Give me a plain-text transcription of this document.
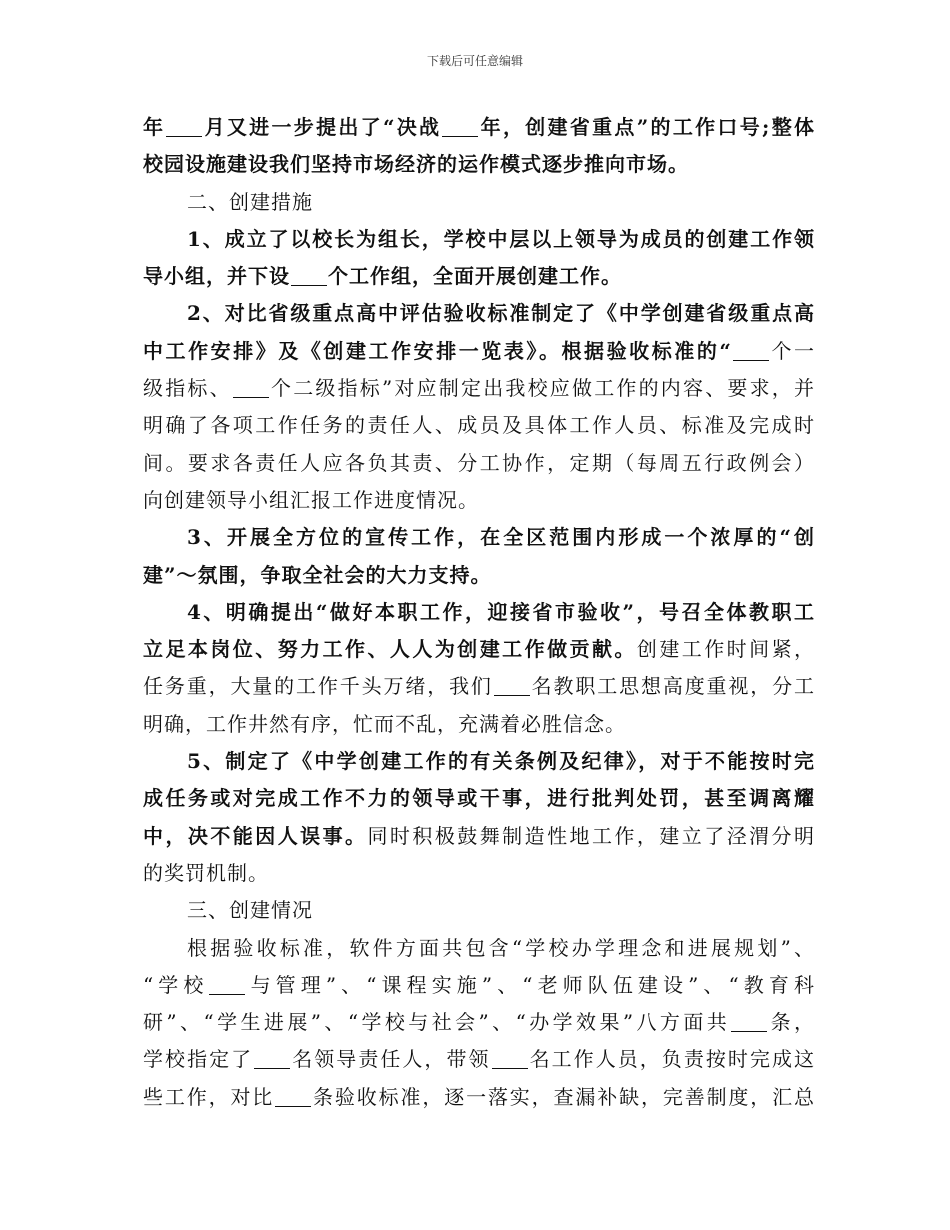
下载后可任意编辑
年 月又进一步提出了“决战 年，创建省重点”的工作口号;整体
校园设施建设我们坚持市场经济的运作模式逐步推向市场。
二、创建措施
1、成立了以校长为组长，学校中层以上领导为成员的创建工作领
导小组，并下设 个工作组，全面开展创建工作。
2、对比省级重点高中评估验收标准制定了《中学创建省级重点高
中工作安排》及《创建工作安排一览表》。根据验收标准的“ 个一
级指标、 个二级指标”对应制定出我校应做工作的内容、要求，并
明确了各项工作任务的责任人、成员及具体工作人员、标准及完成时
间。要求各责任人应各负其责、分工协作，定期（每周五行政例会）
向创建领导小组汇报工作进度情况。
3、开展全方位的宣传工作，在全区范围内形成一个浓厚的“创
建”～氛围，争取全社会的大力支持。
4、明确提出“做好本职工作，迎接省市验收”，号召全体教职工
立足本岗位、努力工作、人人为创建工作做贡献。创建工作时间紧，
任务重，大量的工作千头万绪，我们 名教职工思想高度重视，分工
明确，工作井然有序，忙而不乱，充满着必胜信念。
5、制定了《中学创建工作的有关条例及纪律》，对于不能按时完
成任务或对完成工作不力的领导或干事，进行批判处罚，甚至调离耀
中，决不能因人误事。同时积极鼓舞制造性地工作，建立了泾渭分明
的奖罚机制。
三、创建情况
根据验收标准，软件方面共包含“学校办学理念和进展规划”、
“学校 与管理”、“课程实施”、“老师队伍建设”、“教育科
研”、“学生进展”、“学校与社会”、“办学效果”八方面共 条，
学校指定了 名领导责任人，带领 名工作人员，负责按时完成这
些工作，对比 条验收标准，逐一落实，查漏补缺，完善制度，汇总
